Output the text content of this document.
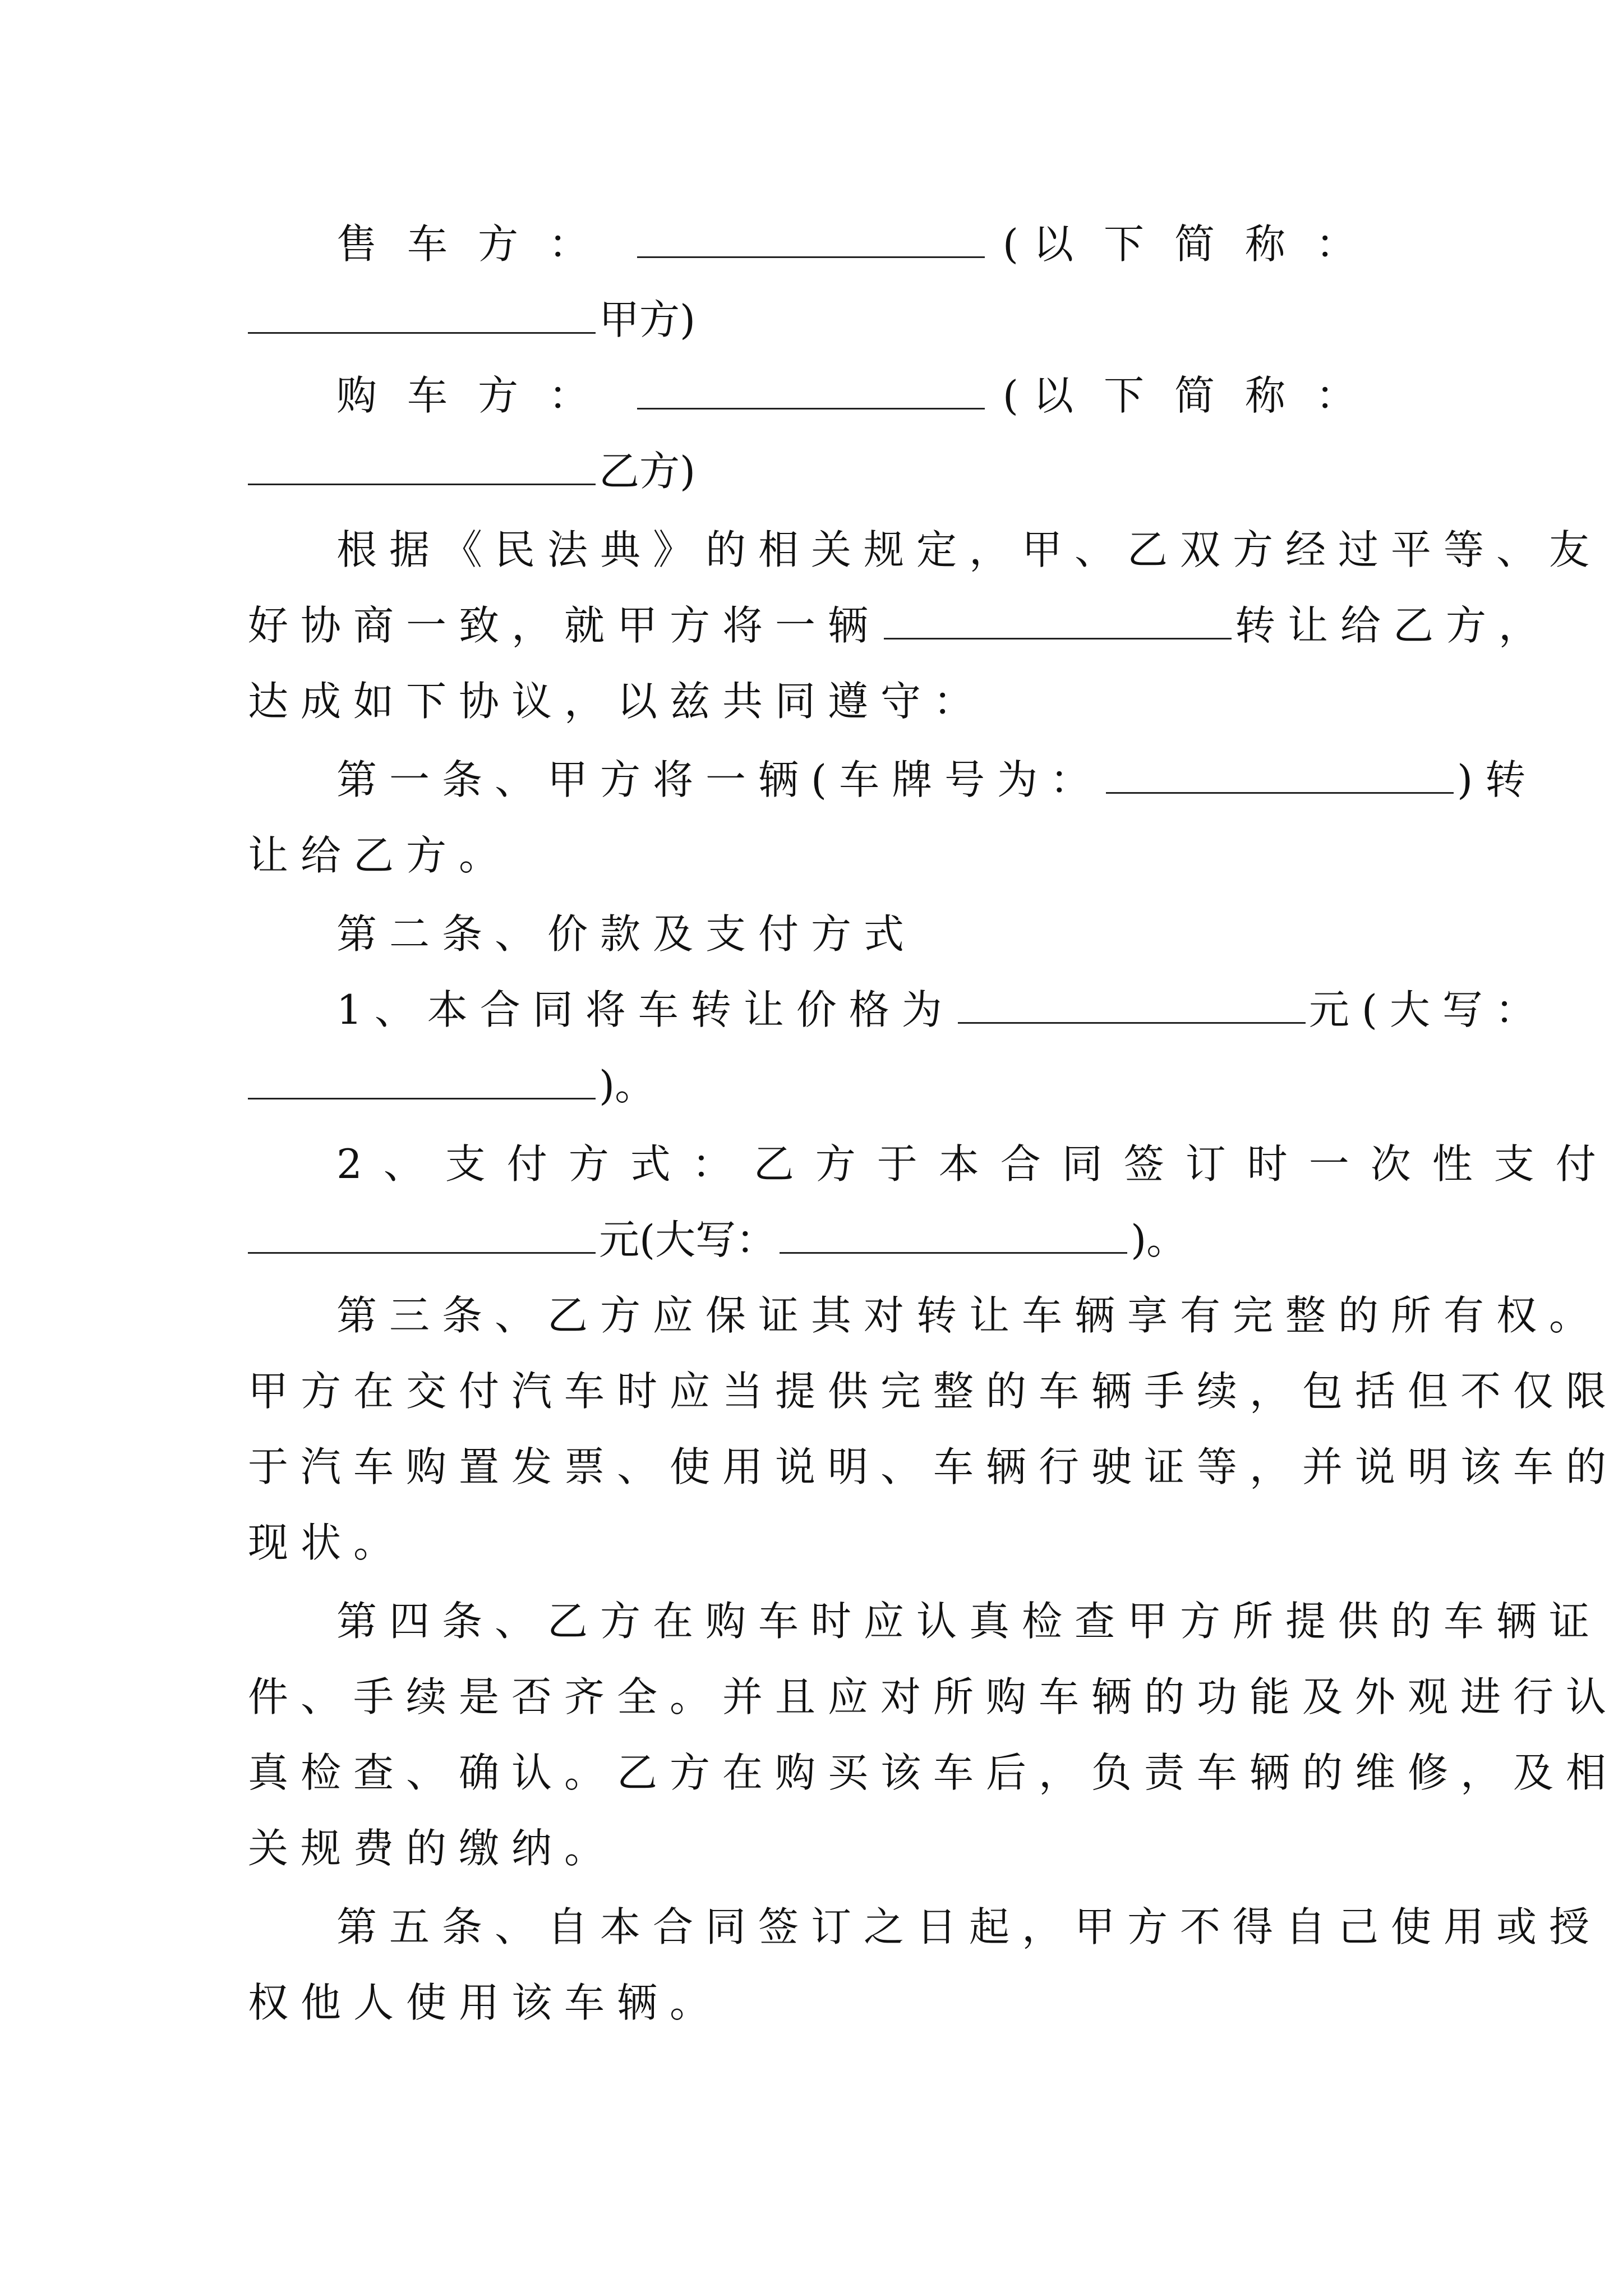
售车方：	( 以下简称：
甲方)
购车方：	( 以下简称：
乙方)
根据《民法典》的相关规定，甲、乙双方经过平等、友
好协商一致，就甲方将一辆	转让给乙方，
达成如下协议，以兹共同遵守：
第一条、甲方将一辆(车牌号为：	)转
让给乙方。
第二条、价款及支付方式
1、本合同将车转让价格为	元(大写：
)。
2、支付方式：乙方于本合同签订时一次性支付
元(大写：	)。
第三条、乙方应保证其对转让车辆享有完整的所有权。
甲方在交付汽车时应当提供完整的车辆手续，包括但不仅限
于汽车购置发票、使用说明、车辆行驶证等，并说明该车的
现状。
第四条、乙方在购车时应认真检查甲方所提供的车辆证
件、手续是否齐全。并且应对所购车辆的功能及外观进行认
真检查、确认。乙方在购买该车后，负责车辆的维修，及相
关规费的缴纳。
第五条、自本合同签订之日起，甲方不得自己使用或授
权他人使用该车辆。
